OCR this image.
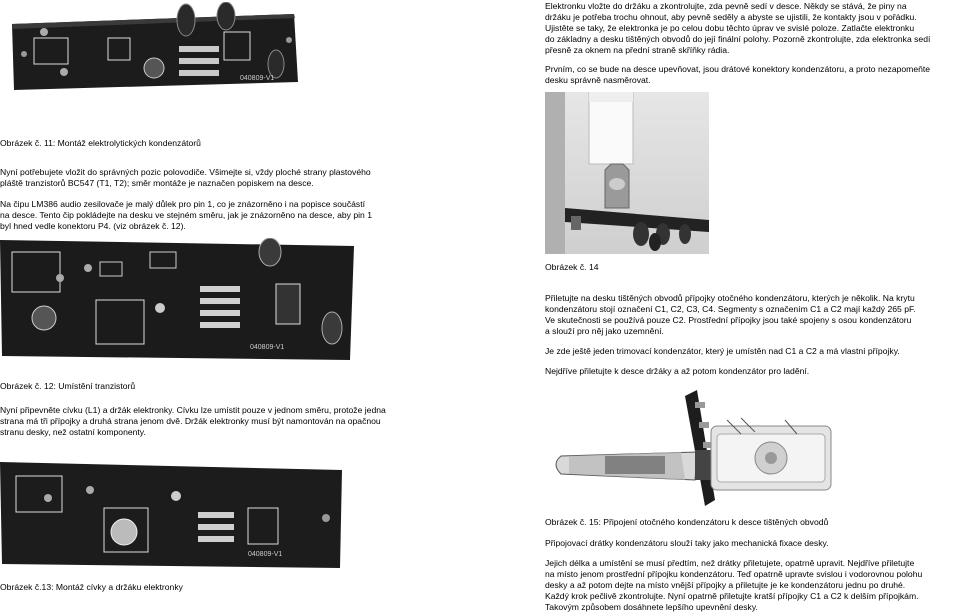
040809-V1
Obrázek č. 11: Montáž elektrolytických kondenzátorů
Nyní potřebujete vložit do správných pozic polovodiče. Všimejte si, vždy ploché strany plastového
pláště tranzistorů BC547 (T1, T2); směr montáže je naznačen popiskem na desce.
Na čipu LM386 audio zesilovače je malý důlek pro pin 1, co je znázorněno i na popisce součástí
na desce. Tento čip pokládejte na desku ve stejném směru, jak je znázorněno na desce, aby pin 1
byl hned vedle konektoru P4. (viz obrázek č. 12).
040809-V1
Obrázek č. 12: Umístění tranzistorů
Nyní připevněte cívku (L1) a držák elektronky. Cívku lze umístit pouze v jednom směru, protože jedna
strana má tři přípojky a druhá strana jenom dvě. Držák elektronky musí být namontován na opačnou
stranu desky, než ostatní komponenty.
040809-V1
Obrázek č.13: Montáž cívky a držáku elektronky
Elektronku vložte do držáku a zkontrolujte, zda pevně sedí v desce. Někdy se stává, že piny na
držáku je potřeba trochu ohnout, aby pevně seděly a abyste se ujistili, že kontakty jsou v pořádku.
Ujistěte se taky, že elektronka je po celou dobu těchto úprav ve svislé poloze. Zatlačte elektronku
do základny a desku tištěných obvodů do její finální polohy. Pozorně zkontrolujte, zda elektronka sedí
přesně za oknem na přední straně skříňky rádia.
Prvním, co se bude na desce upevňovat, jsou drátové konektory kondenzátoru, a proto nezapomeňte
desku správně nasměrovat.
Obrázek č. 14
Přiletujte na desku tištěných obvodů přípojky otočného kondenzátoru, kterých je několik. Na krytu
kondenzátoru stojí označení C1, C2, C3, C4. Segmenty s označením C1 a C2 mají každý 265 pF.
Ve skutečnosti se používá pouze C2. Prostřední přípojky jsou také spojeny s osou kondenzátoru
a slouží pro něj jako uzemnění.
Je zde ještě jeden trimovací kondenzátor, který je umístěn nad C1 a C2 a má vlastní přípojky.
Nejdříve přiletujte k desce držáky a až potom kondenzátor pro ladění.
Obrázek č. 15: Připojení otočného kondenzátoru k desce tištěných obvodů
Připojovací drátky kondenzátoru slouží taky jako mechanická fixace desky.
Jejich délka a umístění se musí předtím, než drátky přiletujete, opatrně upravit. Nejdříve přiletujte
na místo jenom prostřední přípojku kondenzátoru. Teď opatrně upravte svislou i vodorovnou polohu
desky a až potom dejte na místo vnější přípojky a přiletujte je ke kondenzátoru jednu po druhé.
Každý krok pečlivě zkontrolujte. Nyní opatrně přiletujte kratší přípojky C1 a C2 k delším přípojkám.
Takovým způsobem dosáhnete lepšího upevnění desky.
